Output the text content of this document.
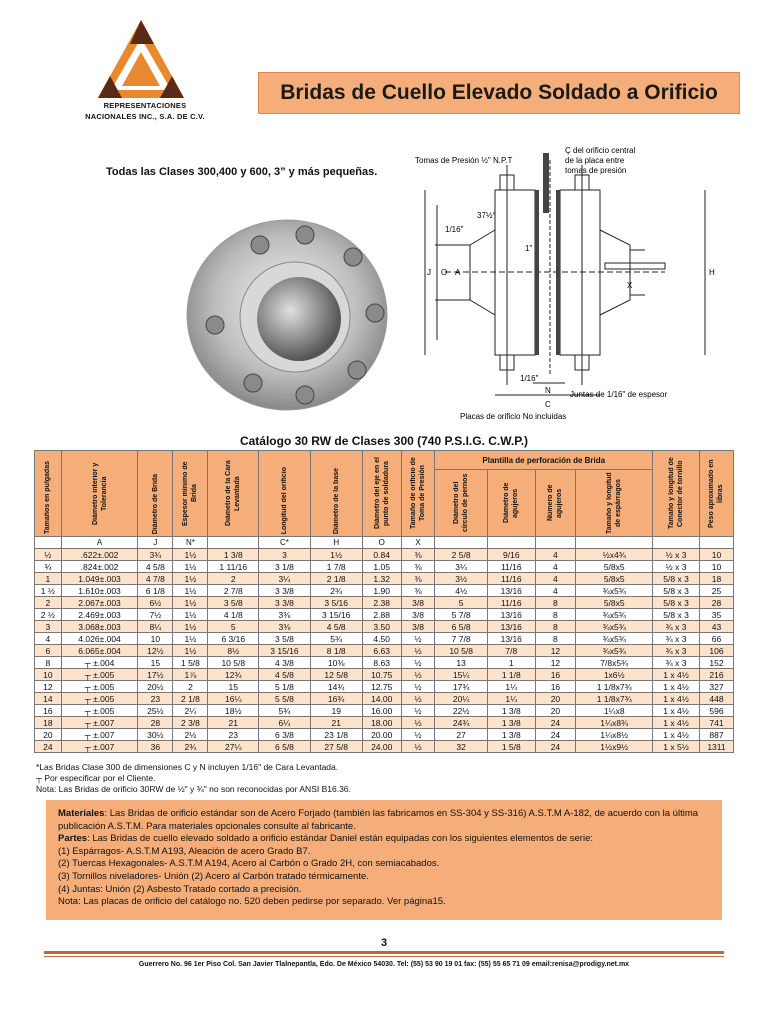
REPRESENTACIONES
NACIONALES INC., S.A. DE C.V.
Bridas de Cuello Elevado Soldado a Orificio
Todas las Clases 300,400 y 600, 3” y más pequeñas.
Tomas de Presión ½" N.P.T
Ç del orificio central
de la placa entre
tomas de presión
37½°
1/16"
J O A	H
X
1"
1/16"
N
C
Juntas de 1/16" de espesor
Placas de orificio No incluidas
Catálogo 30 RW de Clases 300 (740 P.S.I.G. C.W.P.)
Tamaños en pulgadas	Diámetro interior y Tolerancia	Diámetro de Brida	Espesor mínimo de Brida	Diámetro de la Cara Levantada	Longitud del orificio	Diámetro de la base	Diámetro del eje en el punto de soldadura	Tamaño de orificio de Toma de Presión	Plantilla de perforación de Brida				Tamaño y longitud de Conector de tornillo	Peso aproximado en libras

									Diámetro del círculo de pernos	Diámetro de agujeros	Número de agujeros	Tamaño y longitud de espárragos		

	A	J	N*		C*	H	O	X						
½	.622±.002	3¾	1½	1 3/8	3	1½	0.84	⅜	2 5/8	9/16	4	½x4¾	½ x 3	10
¾	.824±.002	4 5/8	1½	1 11/16	3 1/8	1 7/8	1.05	⅜	3¼	11/16	4	5/8x5	½ x 3	10
1	1.049±.003	4 7/8	1½	2	3¼	2 1/8	1.32	⅜	3½	11/16	4	5/8x5	5/8 x 3	18
1 ½	1.610±.003	6 1/8	1½	2 7/8	3 3/8	2¾	1.90	⅜	4½	13/16	4	¾x5¾	5/8 x 3	25
2	2.067±.003	6½	1½	3 5/8	3 3/8	3 5/16	2.38	3/8	5	11/16	8	5/8x5	5/8 x 3	28
2 ½	2.469±.003	7½	1½	4 1/8	3⅜	3 15/16	2.88	3/8	5 7/8	13/16	8	¾x5¾	5/8 x 3	35
3	3.068±.003	8¼	1½	5	3⅜	4 5/8	3.50	3/8	6 5/8	13/16	8	¾x5¾	¾ x 3	43
4	4.026±.004	10	1½	6 3/16	3 5/8	5¾	4.50	½	7 7/8	13/16	8	¾x5¾	¾ x 3	66
6	6.065±.004	12½	1½	8½	3 15/16	8 1/8	6.63	½	10 5/8	7/8	12	¾x5¾	¾ x 3	106
8	┬ ±.004	15	1 5/8	10 5/8	4 3/8	10⅜	8.63	½	13	1	12	7/8x5¾	¾ x 3	152
10	┬ ±.005	17½	1⅞	12¾	4 5/8	12 5/8	10.75	½	15¼	1 1/8	16	1x6½	1 x 4½	216
12	┬ ±.005	20½	2	15	5 1/8	14¾	12.75	½	17¾	1¼	16	1 1/8x7¾	1 x 4½	327
14	┬ ±.005	23	2 1/8	16¼	5 5/8	16¾	14.00	½	20¼	1¼	20	1 1/8x7¾	1 x 4½	448
16	┬ ±.005	25½	2¼	18½	5¾	19	16.00	½	22½	1 3/8	20	1¼x8	1 x 4½	596
18	┬ ±.007	28	2 3/8	21	6¼	21	18.00	½	24¾	1 3/8	24	1¼x8¾	1 x 4½	741
20	┬ ±.007	30½	2½	23	6 3/8	23 1/8	20.00	½	27	1 3/8	24	1¼x8½	1 x 4½	887
24	┬ ±.007	36	2¾	27¼	6 5/8	27 5/8	24.00	½	32	1 5/8	24	1½x9½	1 x 5½	1311
*Las Bridas Clase 300 de dimensiones C y N incluyen 1/16" de Cara Levantada.
┬ Por especificar por el Cliente.
Nota: Las Bridas de orificio 30RW de ½" y ¾" no son reconocidas por ANSI B16.36.

Materiales: Las Bridas de orificio estándar son de Acero Forjado (también las fabricamos en SS-304 y SS-316) A.S.T.M A-182, de acuerdo con la última publicación A.S.T.M. Para materiales opcionales consulte al fabricante.

Partes: Las Bridas de cuello elevado soldado a orificio estándar Daniel están equipadas con los siguientes elementos de serie:

(1) Espárragos- A.S.T.M A193, Aleación de acero Grado B7.

(2) Tuercas Hexagonales- A.S.T.M A194, Acero al Carbón o Grado 2H, con semiacabados.

(3) Tornillos niveladores- Unión (2) Acero al Carbón tratado térmicamente.

(4) Juntas: Unión (2) Asbesto Tratado cortado a precisión.

Nota: Las placas de orificio del catálogo no. 520 deben pedirse por separado. Ver página15.

3
Guerrero No. 96 1er Piso Col. San Javier Tlalnepantla, Edo. De México 54030. Tel: (55) 53 90 19 01 fax: (55) 55 65 71 09 email:renisa@prodigy.net.mx
